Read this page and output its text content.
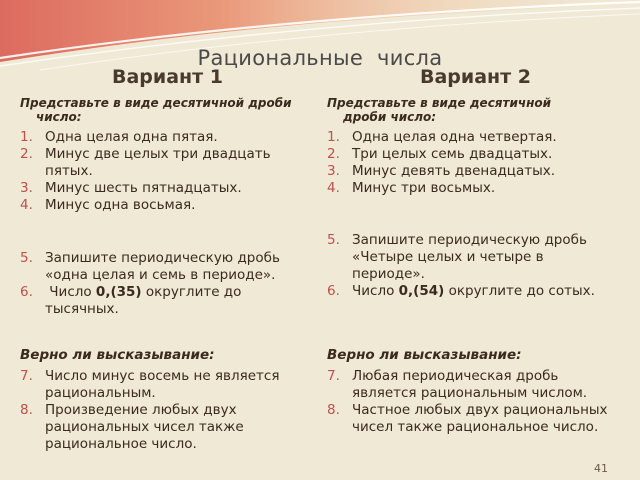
Рациональные  числа
Вариант 1
Представьте в виде десятичной дроби
число:
1. Одна целая одна пятая.
2. Минус две целых три двадцать пятых.
3. Минус шесть пятнадцатых.
4. Минус одна восьмая.
5. Запишите периодическую дробь «одна целая и семь в периоде».
6. Число 0,(35) округлите до тысячных.
Верно ли высказывание:
7. Число минус восемь не является рациональным.
8. Произведение любых двух рациональных чисел также рациональное число.
Вариант 2
Представьте в виде десятичной
дроби число:
1. Одна целая одна четвертая.
2. Три целых семь двадцатых.
3. Минус девять двенадцатых.
4. Минус три восьмых.
5. Запишите периодическую дробь «Четыре целых и четыре в периоде».
6. Число 0,(54) округлите до сотых.
Верно ли высказывание:
7. Любая периодическая дробь является рациональным числом.
8. Частное любых двух рациональных чисел также рациональное число.
41
